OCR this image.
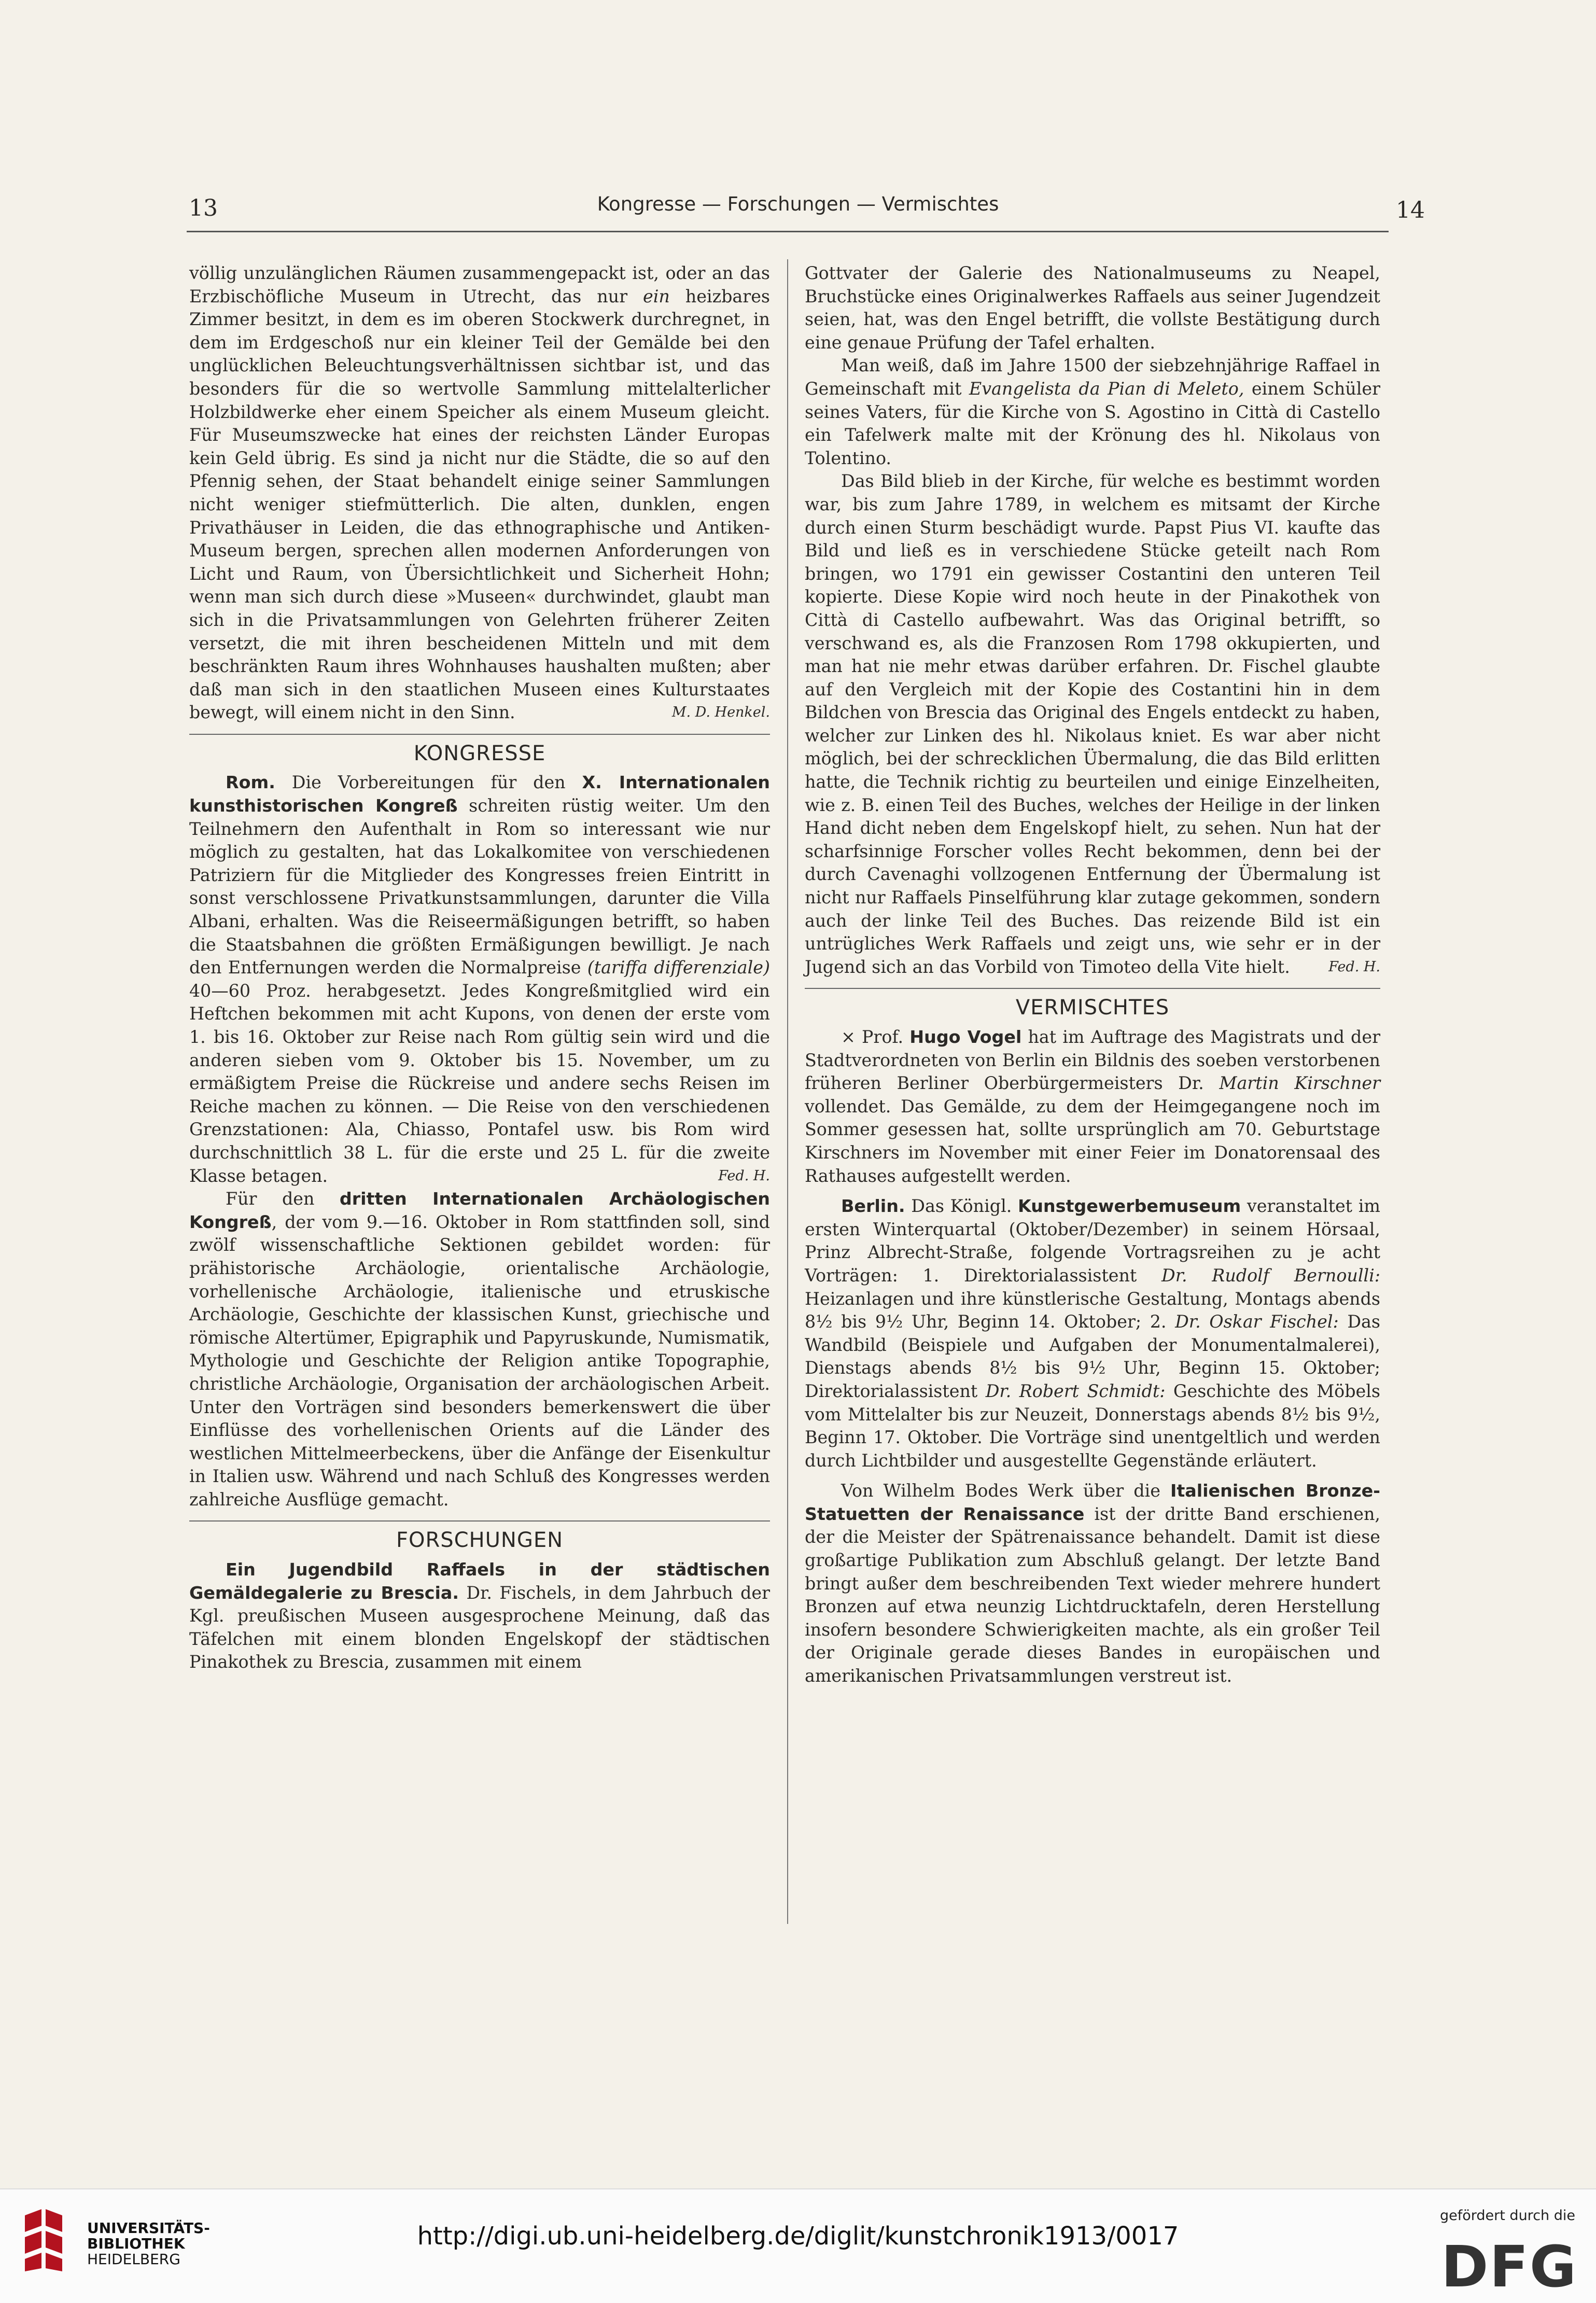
13	Kongresse — Forschungen — Vermischtes	14

völlig unzulänglichen Räumen zusammengepackt ist, oder an das Erzbischöfliche Museum in Utrecht, das nur ein heizbares Zimmer besitzt, in dem es im oberen Stockwerk durchregnet, in dem im Erdgeschoß nur ein kleiner Teil der Gemälde bei den unglücklichen Beleuchtungsverhältnissen sichtbar ist, und das besonders für die so wertvolle Sammlung mittelalterlicher Holzbildwerke eher einem Speicher als einem Museum gleicht. Für Museumszwecke hat eines der reichsten Länder Europas kein Geld übrig. Es sind ja nicht nur die Städte, die so auf den Pfennig sehen, der Staat behandelt einige seiner Sammlungen nicht weniger stiefmütterlich. Die alten, dunklen, engen Privathäuser in Leiden, die das ethnographische und Antiken-Museum bergen, sprechen allen modernen Anforderungen von Licht und Raum, von Übersichtlichkeit und Sicherheit Hohn; wenn man sich durch diese »Museen« durchwindet, glaubt man sich in die Privatsammlungen von Gelehrten früherer Zeiten versetzt, die mit ihren bescheidenen Mitteln und mit dem beschränkten Raum ihres Wohnhauses haushalten mußten; aber daß man sich in den staatlichen Museen eines Kulturstaates bewegt, will einem nicht in den Sinn.	M. D. Henkel.

KONGRESSE

Rom. Die Vorbereitungen für den X. Internationalen kunsthistorischen Kongreß schreiten rüstig weiter. Um den Teilnehmern den Aufenthalt in Rom so interessant wie nur möglich zu gestalten, hat das Lokalkomitee von verschiedenen Patriziern für die Mitglieder des Kongresses freien Eintritt in sonst verschlossene Privatkunstsammlungen, darunter die Villa Albani, erhalten. Was die Reiseermäßigungen betrifft, so haben die Staatsbahnen die größten Ermäßigungen bewilligt. Je nach den Entfernungen werden die Normalpreise (tariffa differenziale) 40—60 Proz. herabgesetzt. Jedes Kongreßmitglied wird ein Heftchen bekommen mit acht Kupons, von denen der erste vom 1. bis 16. Oktober zur Reise nach Rom gültig sein wird und die anderen sieben vom 9. Oktober bis 15. November, um zu ermäßigtem Preise die Rückreise und andere sechs Reisen im Reiche machen zu können. — Die Reise von den verschiedenen Grenzstationen: Ala, Chiasso, Pontafel usw. bis Rom wird durchschnittlich 38 L. für die erste und 25 L. für die zweite Klasse betagen.	Fed. H.

Für den dritten Internationalen Archäologischen Kongreß, der vom 9.—16. Oktober in Rom stattfinden soll, sind zwölf wissenschaftliche Sektionen gebildet worden: für prähistorische Archäologie, orientalische Archäologie, vorhellenische Archäologie, italienische und etruskische Archäologie, Geschichte der klassischen Kunst, griechische und römische Altertümer, Epigraphik und Papyruskunde, Numismatik, Mythologie und Geschichte der Religion antike Topographie, christliche Archäologie, Organisation der archäologischen Arbeit. Unter den Vorträgen sind besonders bemerkenswert die über Einflüsse des vorhellenischen Orients auf die Länder des westlichen Mittelmeerbeckens, über die Anfänge der Eisenkultur in Italien usw. Während und nach Schluß des Kongresses werden zahlreiche Ausflüge gemacht.

FORSCHUNGEN

Ein Jugendbild Raffaels in der städtischen Gemäldegalerie zu Brescia. Dr. Fischels, in dem Jahrbuch der Kgl. preußischen Museen ausgesprochene Meinung, daß das Täfelchen mit einem blonden Engelskopf der städtischen Pinakothek zu Brescia, zusammen mit einem

Gottvater der Galerie des Nationalmuseums zu Neapel, Bruchstücke eines Originalwerkes Raffaels aus seiner Jugendzeit seien, hat, was den Engel betrifft, die vollste Bestätigung durch eine genaue Prüfung der Tafel erhalten.

Man weiß, daß im Jahre 1500 der siebzehnjährige Raffael in Gemeinschaft mit Evangelista da Pian di Meleto, einem Schüler seines Vaters, für die Kirche von S. Agostino in Città di Castello ein Tafelwerk malte mit der Krönung des hl. Nikolaus von Tolentino.

Das Bild blieb in der Kirche, für welche es bestimmt worden war, bis zum Jahre 1789, in welchem es mitsamt der Kirche durch einen Sturm beschädigt wurde. Papst Pius VI. kaufte das Bild und ließ es in verschiedene Stücke geteilt nach Rom bringen, wo 1791 ein gewisser Costantini den unteren Teil kopierte. Diese Kopie wird noch heute in der Pinakothek von Città di Castello aufbewahrt. Was das Original betrifft, so verschwand es, als die Franzosen Rom 1798 okkupierten, und man hat nie mehr etwas darüber erfahren. Dr. Fischel glaubte auf den Vergleich mit der Kopie des Costantini hin in dem Bildchen von Brescia das Original des Engels entdeckt zu haben, welcher zur Linken des hl. Nikolaus kniet. Es war aber nicht möglich, bei der schrecklichen Übermalung, die das Bild erlitten hatte, die Technik richtig zu beurteilen und einige Einzelheiten, wie z. B. einen Teil des Buches, welches der Heilige in der linken Hand dicht neben dem Engelskopf hielt, zu sehen. Nun hat der scharfsinnige Forscher volles Recht bekommen, denn bei der durch Cavenaghi vollzogenen Entfernung der Übermalung ist nicht nur Raffaels Pinselführung klar zutage gekommen, sondern auch der linke Teil des Buches. Das reizende Bild ist ein untrügliches Werk Raffaels und zeigt uns, wie sehr er in der Jugend sich an das Vorbild von Timoteo della Vite hielt.	Fed. H.

VERMISCHTES

× Prof. Hugo Vogel hat im Auftrage des Magistrats und der Stadtverordneten von Berlin ein Bildnis des soeben verstorbenen früheren Berliner Oberbürgermeisters Dr. Martin Kirschner vollendet. Das Gemälde, zu dem der Heimgegangene noch im Sommer gesessen hat, sollte ursprünglich am 70. Geburtstage Kirschners im November mit einer Feier im Donatorensaal des Rathauses aufgestellt werden.

Berlin. Das Königl. Kunstgewerbemuseum veranstaltet im ersten Winterquartal (Oktober/Dezember) in seinem Hörsaal, Prinz Albrecht-Straße, folgende Vortragsreihen zu je acht Vorträgen: 1. Direktorialassistent Dr. Rudolf Bernoulli: Heizanlagen und ihre künstlerische Gestaltung, Montags abends 8½ bis 9½ Uhr, Beginn 14. Oktober; 2. Dr. Oskar Fischel: Das Wandbild (Beispiele und Aufgaben der Monumentalmalerei), Dienstags abends 8½ bis 9½ Uhr, Beginn 15. Oktober; Direktorialassistent Dr. Robert Schmidt: Geschichte des Möbels vom Mittelalter bis zur Neuzeit, Donnerstags abends 8½ bis 9½, Beginn 17. Oktober. Die Vorträge sind unentgeltlich und werden durch Lichtbilder und ausgestellte Gegenstände erläutert.

Von Wilhelm Bodes Werk über die Italienischen Bronze-Statuetten der Renaissance ist der dritte Band erschienen, der die Meister der Spätrenaissance behandelt. Damit ist diese großartige Publikation zum Abschluß gelangt. Der letzte Band bringt außer dem beschreibenden Text wieder mehrere hundert Bronzen auf etwa neunzig Lichtdrucktafeln, deren Herstellung insofern besondere Schwierigkeiten machte, als ein großer Teil der Originale gerade dieses Bandes in europäischen und amerikanischen Privatsammlungen verstreut ist.

UNIVERSITÄTS-
BIBLIOTHEK
HEIDELBERG
http://digi.ub.uni-heidelberg.de/diglit/kunstchronik1913/0017
gefördert durch die
DFG
